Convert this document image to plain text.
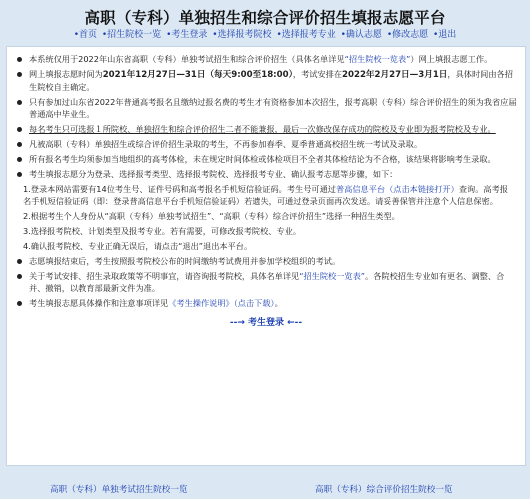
高职（专科）单独招生和综合评价招生填报志愿平台
•首页 •招生院校一览 •考生登录 •选择报考院校 •选择报考专业 •确认志愿 •修改志愿 •退出
本系统仅用于2022年山东省高职（专科）单独考试招生和综合评价招生（具体名单详见“招生院校一览表”）网上填报志愿工作。
网上填报志愿时间为2021年12月27日—31日（每天9:00至18:00），考试安排在2022年2月27日—3月1日，具体时间由各招生院校自主确定。
只有参加过山东省2022年普通高考报名且缴纳过报名费的考生才有资格参加本次招生，报考高职（专科）综合评价招生的须为我省应届普通高中毕业生。
每名考生只可选报１所院校、单独招生和综合评价招生二者不能兼报，最后一次修改保存成功的院校及专业即为报考院校及专业。
凡被高职（专科）单独招生或综合评价招生录取的考生，不再参加春季、夏季普通高校招生统一考试及录取。
所有报名考生均须参加当地组织的高考体检，未在规定时间体检或体检项目不全者其体检结论为不合格，该结果将影响考生录取。
考生填报志愿分为登录、选择报考类型、选择报考院校、选择报考专业、确认报考志愿等步骤，如下：
1.登录本网站需要有14位考生号、证件号码和高考报名手机短信验证码。考生号可通过普高信息平台（点击本链接打开）查询。高考报名手机短信验证码（即：登录普高信息平台手机短信验证码）若遗失，可通过登录页面再次发送。请妥善保管并注意个人信息保密。
2.根据考生个人身份从“高职（专科）单独考试招生”、“高职（专科）综合评价招生”选择一种招生类型。
3.选择报考院校、计划类型及报考专业。若有需要，可修改报考院校、专业。
4.确认报考院校、专业正确无误后，请点击“退出”退出本平台。
志愿填报结束后，考生按照报考院校公布的时间缴纳考试费用并参加学校组织的考试。
关于考试安排、招生录取政策等不明事宜，请咨询报考院校，具体名单详见“招生院校一览表”。各院校招生专业如有更名、调整、合并、撤销，以教育部最新文件为准。
考生填报志愿具体操作和注意事项详见《考生操作说明》（点击下载）。
--→ 考生登录 ←--
高职（专科）单独考试招生院校一览	高职（专科）综合评价招生院校一览
